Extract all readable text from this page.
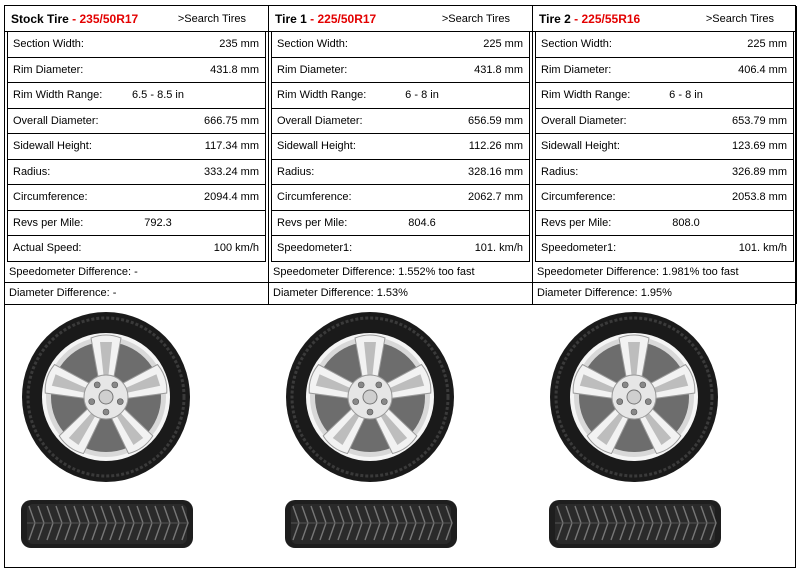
Stock Tire - 235/50R17	>Search Tires
Section Width:	235 mm
Rim Diameter:	431.8 mm
Rim Width Range:	6.5 - 8.5 in
Overall Diameter:	666.75 mm
Sidewall Height:	117.34 mm
Radius:	333.24 mm
Circumference:	2094.4 mm
Revs per Mile:	792.3
Actual Speed:	100 km/h
Speedometer Difference: -
Diameter Difference: -
Tire 1 - 225/50R17	>Search Tires
Section Width:	225 mm
Rim Diameter:	431.8 mm
Rim Width Range:	6 - 8 in
Overall Diameter:	656.59 mm
Sidewall Height:	112.26 mm
Radius:	328.16 mm
Circumference:	2062.7 mm
Revs per Mile:	804.6
Speedometer1:	101. km/h
Speedometer Difference: 1.552% too fast
Diameter Difference: 1.53%
Tire 2 - 225/55R16	>Search Tires
Section Width:	225 mm
Rim Diameter:	406.4 mm
Rim Width Range:	6 - 8 in
Overall Diameter:	653.79 mm
Sidewall Height:	123.69 mm
Radius:	326.89 mm
Circumference:	2053.8 mm
Revs per Mile:	808.0
Speedometer1:	101. km/h
Speedometer Difference: 1.981% too fast
Diameter Difference: 1.95%
